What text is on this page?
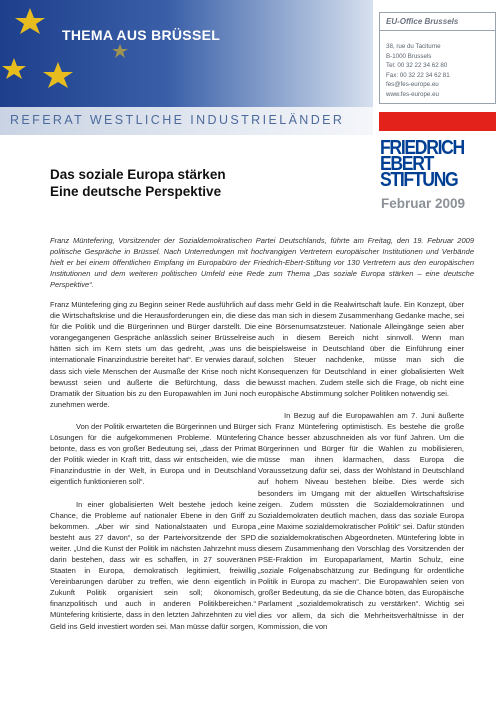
THEMA AUS BRÜSSEL
REFERAT WESTLICHE INDUSTRIELÄNDER
EU-Office Brussels
38, rue du Taciturne
B-1000 Brussels
Tel: 00 32 22 34 62 80
Fax: 00 32 22 34 62 81
fes@fes-europe.eu
www.fes-europe.eu
FRIEDRICH
EBERT
STIFTUNG
Februar 2009
Das soziale Europa stärken
Eine deutsche Perspektive
Franz Müntefering, Vorsitzender der Sozialdemokratischen Partei Deutschlands, führte am Freitag, den 19. Februar 2009 politische Gespräche in Brüssel. Nach Unterredungen mit hochrangigen Vertretern europäischer Institutionen und Verbände hielt er bei einem öffentlichen Empfang im Europabüro der Friedrich-Ebert-Stiftung vor 130 Vertretern aus den europäischen Institutionen und dem weiteren politischen Umfeld eine Rede zum Thema „Das soziale Europa stärken – eine deutsche Perspektive“.

Franz Müntefering ging zu Beginn seiner Rede ausführlich auf die Wirtschaftskrise und die Herausforderungen ein, die diese für die Politik und die Bürgerinnen und Bürger darstellt. Die vorangegangenen Gespräche anlässlich seiner Brüsselreise hätten sich im Kern stets um das gedreht, „was uns die internationale Finanzindustrie bereitet hat“. Er verwies darauf, dass sich viele Menschen der Ausmaße der Krise noch nicht bewusst seien und äußerte die Befürchtung, dass die Dramatik der Situation bis zu den Europawahlen im Juni noch zunehmen werde.

Von der Politik erwarteten die Bürgerinnen und Bürger Lösungen für die aufgekommenen Probleme. Müntefering betonte, dass es von großer Bedeutung sei, „dass der Primat der Politik wieder in Kraft tritt, dass wir entscheiden, wie die Finanzindustrie in der Welt, in Europa und in Deutschland eigentlich funktionieren soll“.

In einer globalisierten Welt bestehe jedoch keine Chance, die Probleme auf nationaler Ebene in den Griff zu bekommen. „Aber wir sind Nationalstaaten und Europa besteht aus 27 davon“, so der Parteivorsitzende der SPD weiter. „Und die Kunst der Politik im nächsten Jahrzehnt muss darin bestehen, dass wir es schaffen, in 27 souveränen Staaten in Europa, demokratisch legitimiert, freiwillig Vereinbarungen darüber zu treffen, wie denn eigentlich in Zukunft Politik organisiert sein soll; ökonomisch, finanzpolitisch und auch in anderen Politikbereichen.“ Müntefering kritisierte, dass in den letzten Jahrzehnten zu viel Geld ins Geld investiert worden sei. Man müsse dafür sorgen,

dass mehr Geld in die Realwirtschaft laufe. Ein Konzept, über das man sich in diesem Zusammenhang Gedanke mache, sei eine Börsenumsatzsteuer. Nationale Alleingänge seien aber auch in diesem Bereich nicht sinnvoll. Wenn man beispielsweise in Deutschland über die Einführung einer solchen Steuer nachdenke, müsse man sich die Konsequenzen für Deutschland in einer globalisierten Welt bewusst machen. Zudem stelle sich die Frage, ob nicht eine europäische Abstimmung solcher Politiken notwendig sei.

In Bezug auf die Europawahlen am 7. Juni äußerte sich Franz Müntefering optimistisch. Es bestehe die große Chance besser abzuschneiden als vor fünf Jahren. Um die Bürgerinnen und Bürger für die Wahlen zu mobilisieren, müsse man ihnen klarmachen, dass Europa die Voraussetzung dafür sei, dass der Wohlstand in Deutschland auf hohem Niveau bestehen bleibe. Dies werde sich besonders im Umgang mit der aktuellen Wirtschaftskrise zeigen. Zudem müssten die Sozialdemokratinnen und Sozialdemokraten deutlich machen, dass das soziale Europa „eine Maxime sozialdemokratischer Politik“ sei. Dafür stünden die sozialdemokratischen Abgeordneten. Müntefering lobte in diesem Zusammenhang den Vorschlag des Vorsitzenden der PSE-Fraktion im Europaparlament, Martin Schulz, eine „soziale Folgenabschätzung zur Bedingung für ordentliche Politik in Europa zu machen“. Die Europawahlen seien von großer Bedeutung, da sie die Chance böten, das Europäische Parlament „sozialdemokratisch zu verstärken“. Wichtig sei dies vor allem, da sich die Mehrheitsverhältnisse in der Kommission, die von
